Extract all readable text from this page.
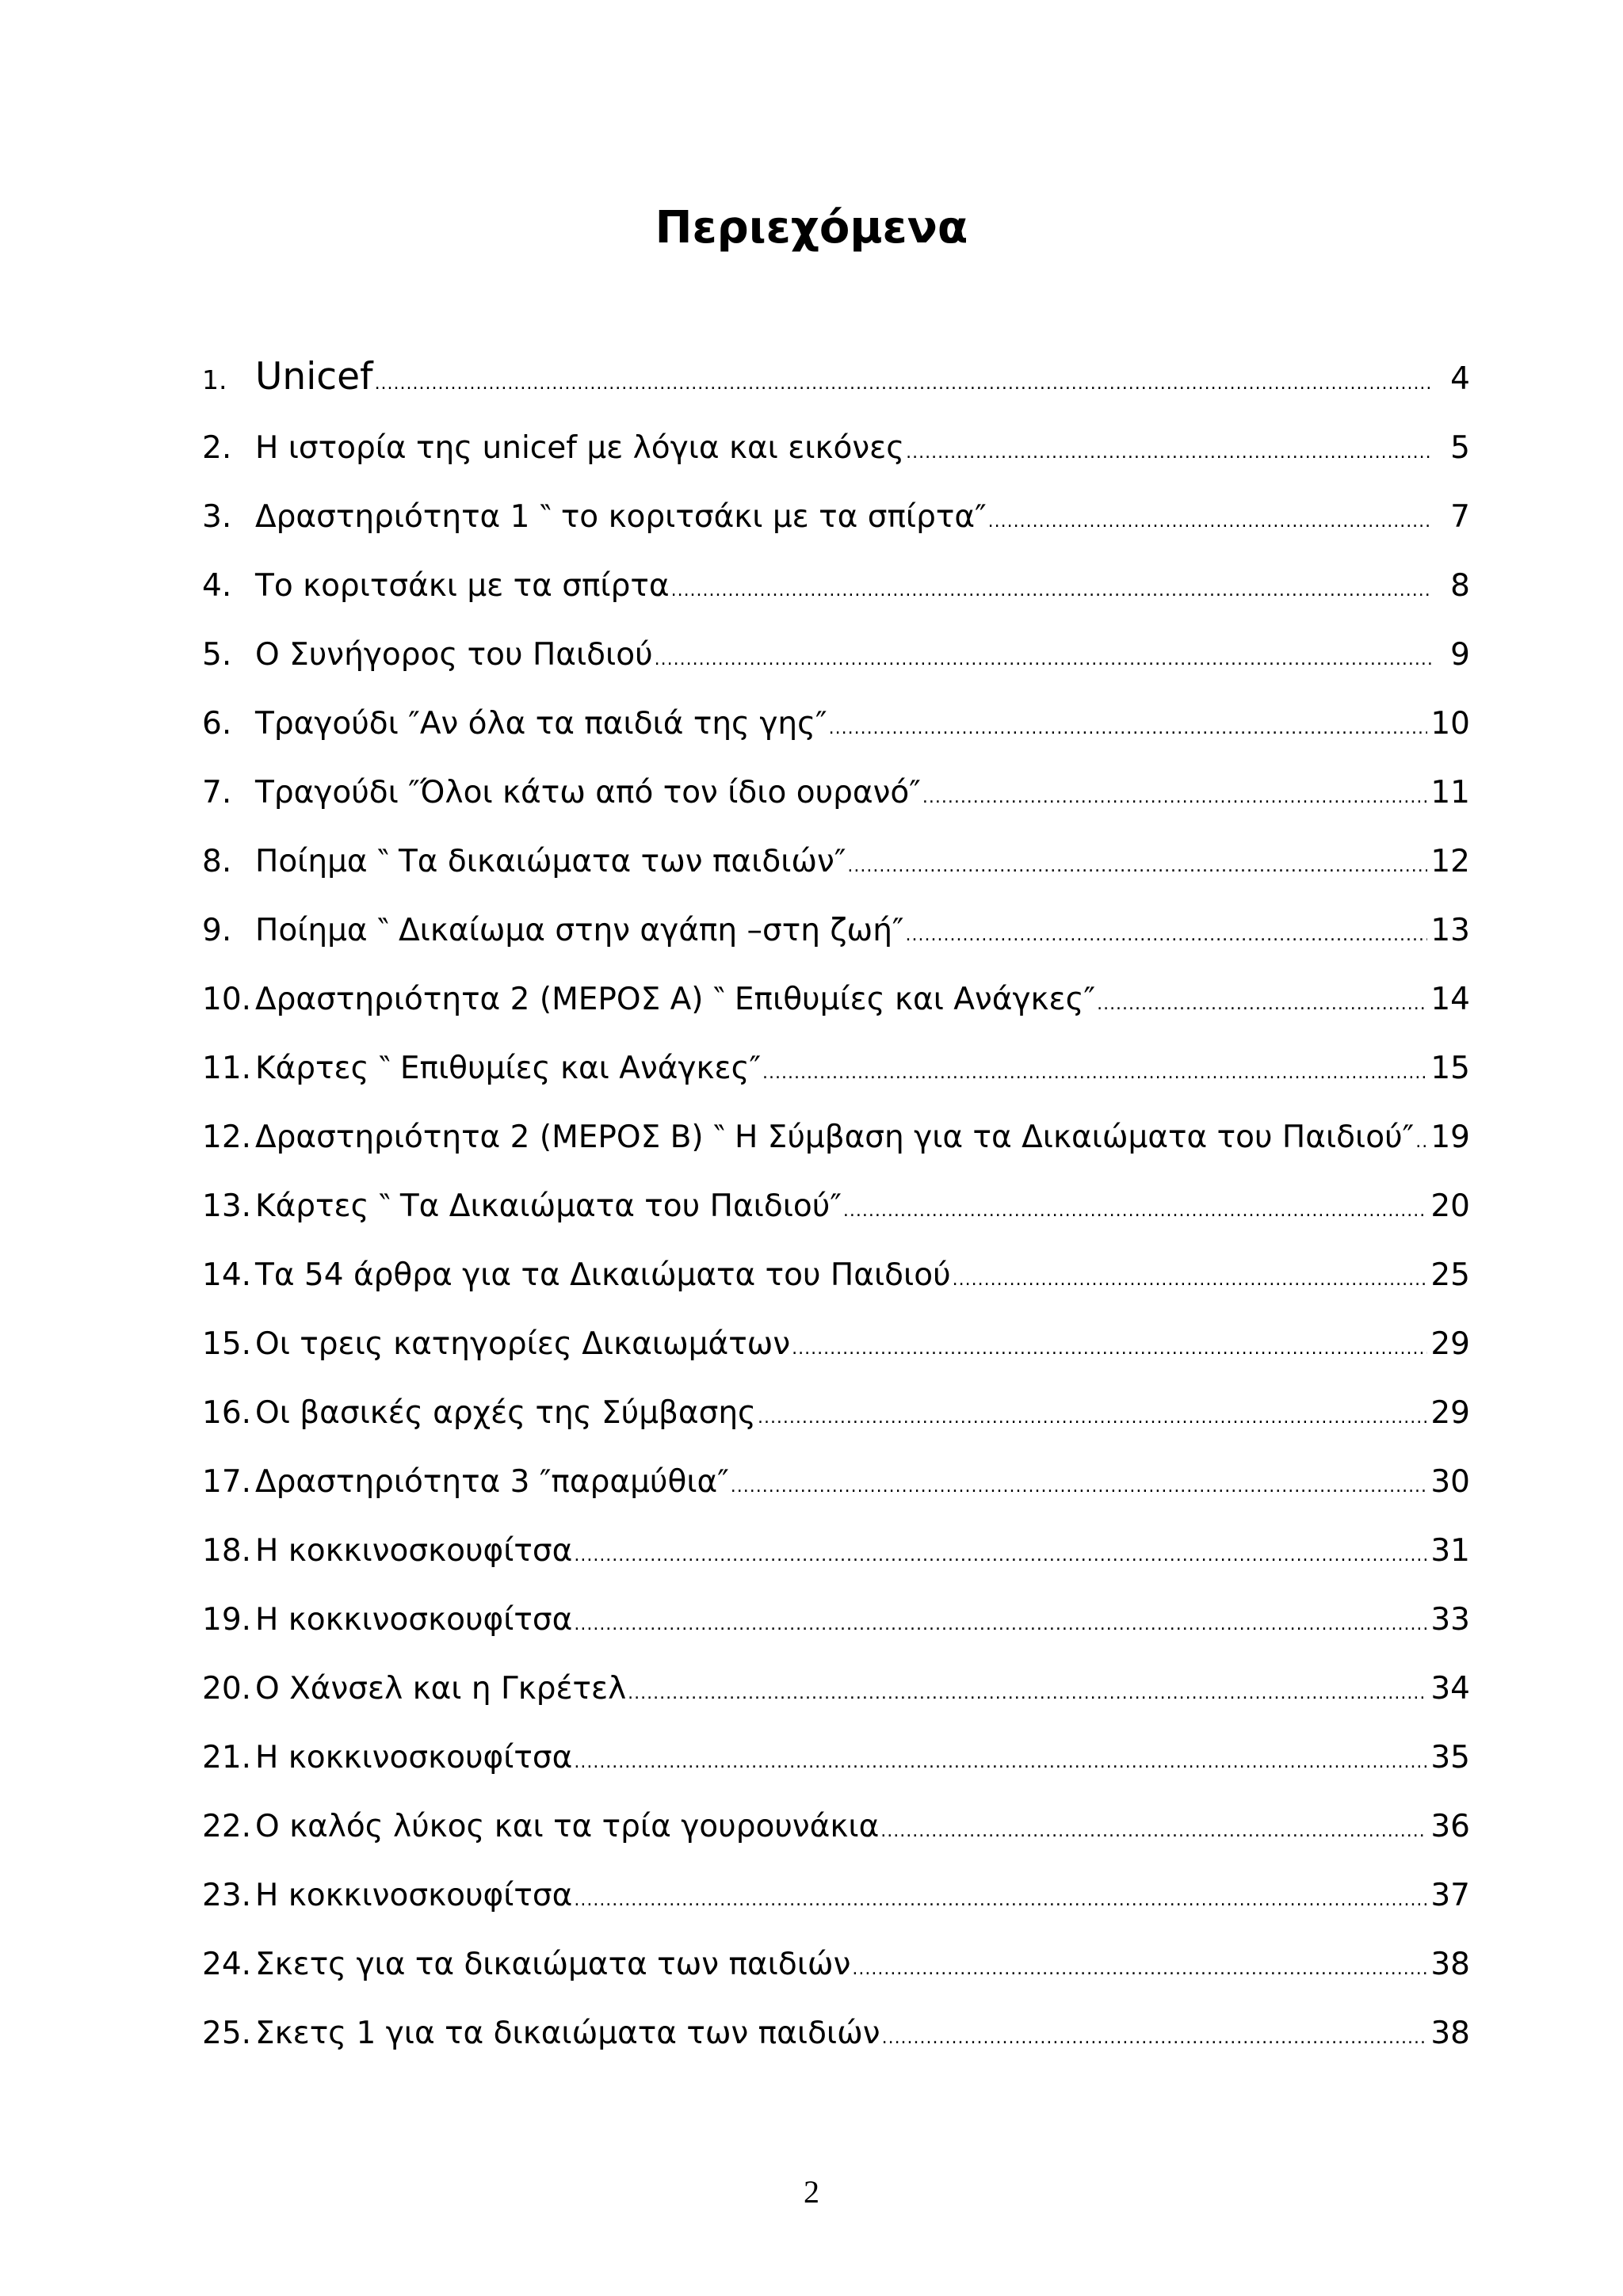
Περιεχόμενα
1. Unicef .....	4
2. Η ιστορία της unicef με λόγια και εικόνες .....	5
3. Δραστηριότητα 1 ‶ το κοριτσάκι με τα σπίρτα″ .....	7
4. Το κοριτσάκι με τα σπίρτα .....	8
5. Ο Συνήγορος του Παιδιού .....	9
6. Τραγούδι ″Αν όλα τα παιδιά της γης″ .....	10
7. Τραγούδι ″Όλοι κάτω από τον ίδιο ουρανό″ .....	11
8. Ποίημα ‶ Τα δικαιώματα των παιδιών″ .....	12
9. Ποίημα ‶ Δικαίωμα στην αγάπη –στη ζωή″ .....	13
10. Δραστηριότητα 2 (ΜΕΡΟΣ Α) ‶ Επιθυμίες και Ανάγκες″ .....	14
11. Κάρτες ‶ Επιθυμίες και Ανάγκες″ .....	15
12. Δραστηριότητα 2 (ΜΕΡΟΣ Β) ‶ Η Σύμβαση για τα Δικαιώματα του Παιδιού″ ..... 19
13. Κάρτες ‶ Τα Δικαιώματα του Παιδιού″ .....	20
14. Τα 54 άρθρα για τα Δικαιώματα του Παιδιού .....	25
15. Οι τρεις κατηγορίες Δικαιωμάτων .....	29
16. Οι βασικές αρχές της Σύμβασης .....	29
17. Δραστηριότητα 3 ″παραμύθια″ .....	30
18. Η κοκκινοσκουφίτσα .....	31
19. Η κοκκινοσκουφίτσα .....	33
20. Ο Χάνσελ και η Γκρέτελ .....	34
21. Η κοκκινοσκουφίτσα .....	35
22. Ο καλός λύκος και τα τρία γουρουνάκια .....	36
23. Η κοκκινοσκουφίτσα .....	37
24. Σκετς για τα δικαιώματα των παιδιών .....	38
25. Σκετς 1 για τα δικαιώματα των παιδιών .....	38
2
